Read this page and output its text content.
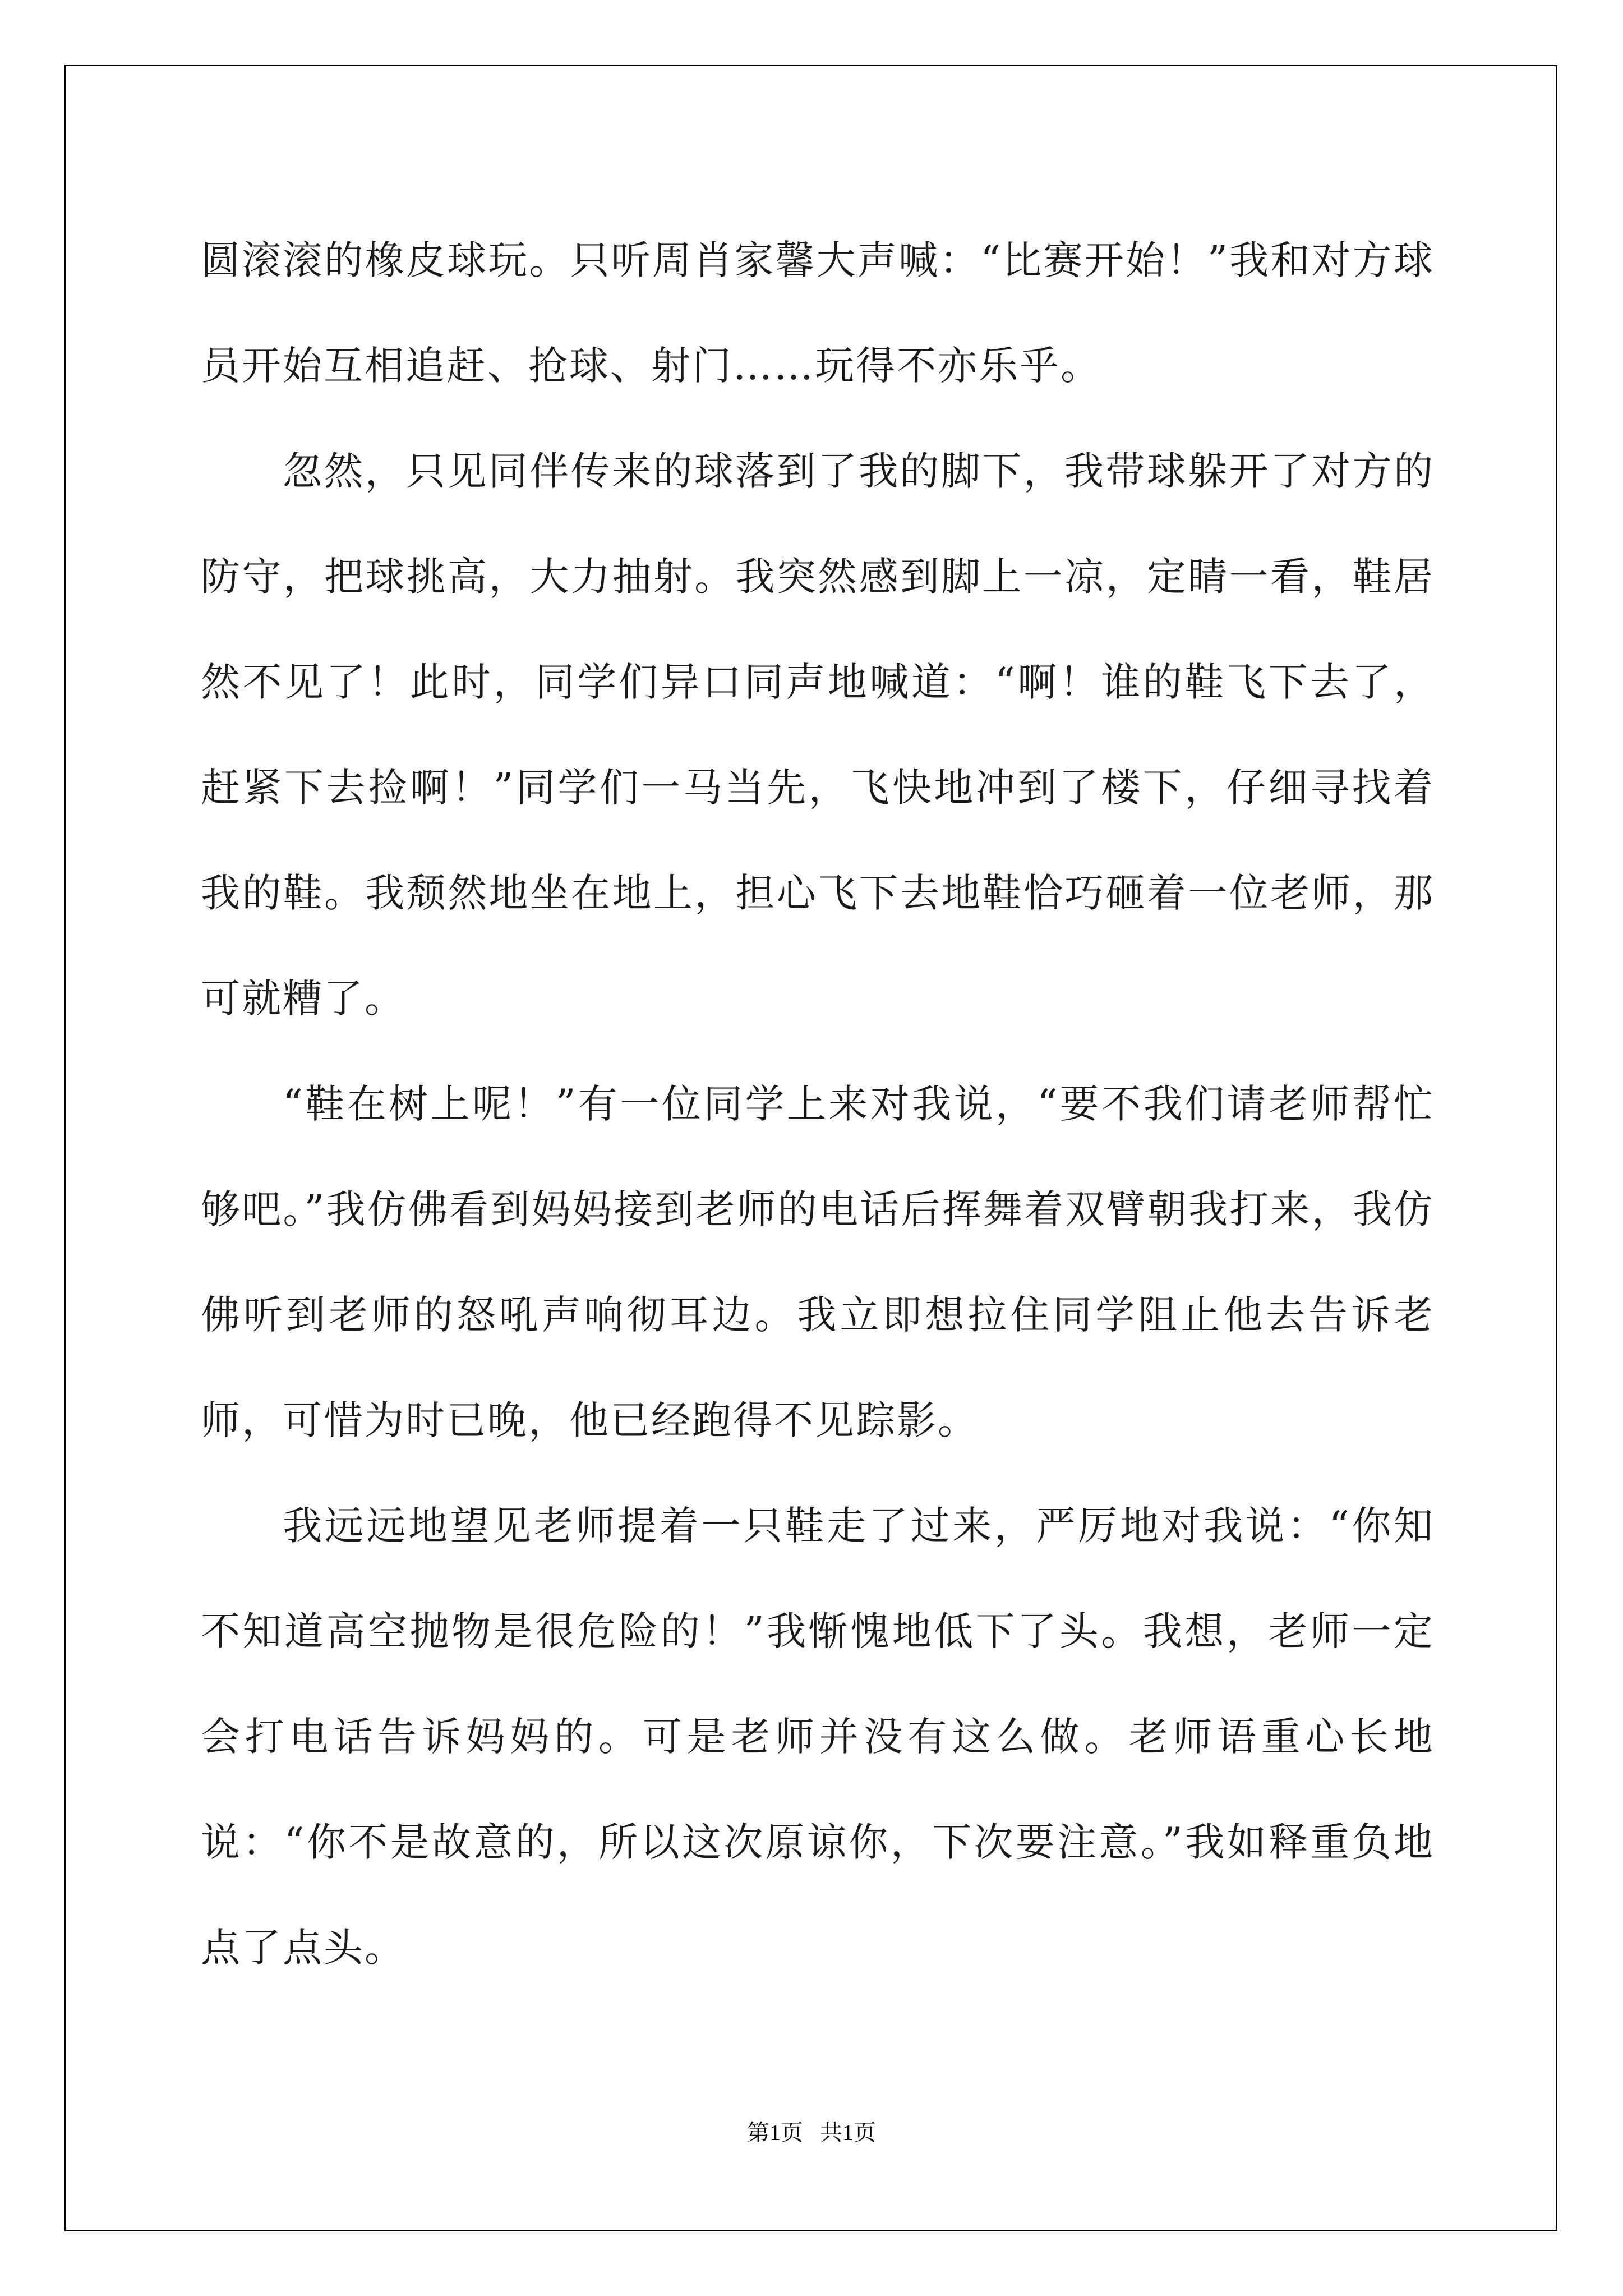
圆滚滚的橡皮球玩。只听周肖家馨大声喊：“比赛开始！”我和对方球员开始互相追赶、抢球、射门……玩得不亦乐乎。

忽然，只见同伴传来的球落到了我的脚下，我带球躲开了对方的防守，把球挑高，大力抽射。我突然感到脚上一凉，定睛一看，鞋居然不见了！此时，同学们异口同声地喊道：“啊！谁的鞋飞下去了，赶紧下去捡啊！”同学们一马当先，飞快地冲到了楼下，仔细寻找着我的鞋。我颓然地坐在地上，担心飞下去地鞋恰巧砸着一位老师，那可就糟了。

“鞋在树上呢！”有一位同学上来对我说，“要不我们请老师帮忙够吧。”我仿佛看到妈妈接到老师的电话后挥舞着双臂朝我打来，我仿佛听到老师的怒吼声响彻耳边。我立即想拉住同学阻止他去告诉老师，可惜为时已晚，他已经跑得不见踪影。

我远远地望见老师提着一只鞋走了过来，严厉地对我说：“你知不知道高空抛物是很危险的！”我惭愧地低下了头。我想，老师一定会打电话告诉妈妈的。可是老师并没有这么做。老师语重心长地说：“你不是故意的，所以这次原谅你，下次要注意。”我如释重负地点了点头。

第1页 共1页
